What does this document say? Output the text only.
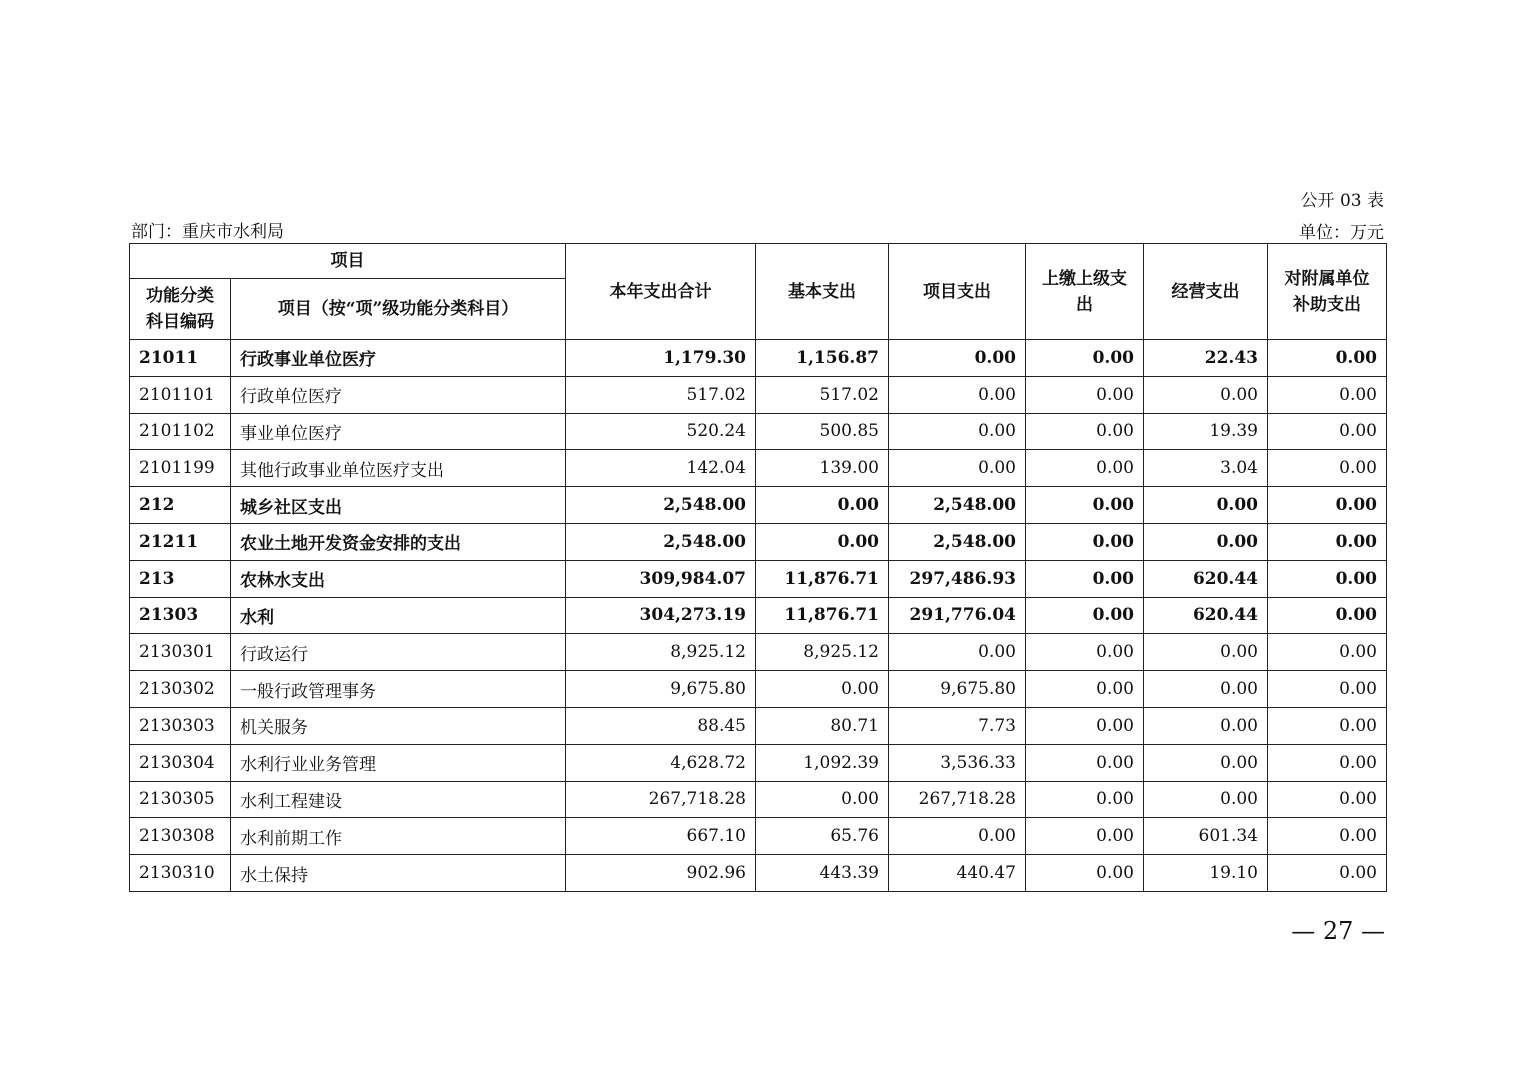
公开 03 表
部门：重庆市水利局	单位：万元
项目		本年支出合计	基本支出	项目支出	上缴上级支出	经营支出	对附属单位补助支出
功能分类科目编码	项目（按“项”级功能分类科目）						
21011	行政事业单位医疗	1,179.30	1,156.87	0.00	0.00	22.43	0.00
2101101	行政单位医疗	517.02	517.02	0.00	0.00	0.00	0.00
2101102	事业单位医疗	520.24	500.85	0.00	0.00	19.39	0.00
2101199	其他行政事业单位医疗支出	142.04	139.00	0.00	0.00	3.04	0.00
212	城乡社区支出	2,548.00	0.00	2,548.00	0.00	0.00	0.00
21211	农业土地开发资金安排的支出	2,548.00	0.00	2,548.00	0.00	0.00	0.00
213	农林水支出	309,984.07	11,876.71	297,486.93	0.00	620.44	0.00
21303	水利	304,273.19	11,876.71	291,776.04	0.00	620.44	0.00
2130301	行政运行	8,925.12	8,925.12	0.00	0.00	0.00	0.00
2130302	一般行政管理事务	9,675.80	0.00	9,675.80	0.00	0.00	0.00
2130303	机关服务	88.45	80.71	7.73	0.00	0.00	0.00
2130304	水利行业业务管理	4,628.72	1,092.39	3,536.33	0.00	0.00	0.00
2130305	水利工程建设	267,718.28	0.00	267,718.28	0.00	0.00	0.00
2130308	水利前期工作	667.10	65.76	0.00	0.00	601.34	0.00
2130310	水土保持	902.96	443.39	440.47	0.00	19.10	0.00
— 27 —
